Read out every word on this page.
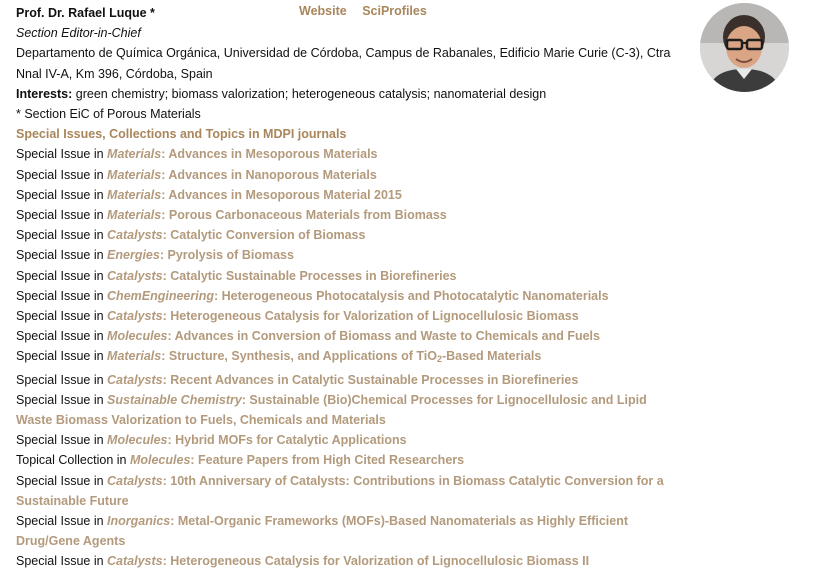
Prof. Dr. Rafael Luque *
Section Editor-in-Chief
Departamento de Química Orgánica, Universidad de Córdoba, Campus de Rabanales, Edificio Marie Curie (C-3), Ctra Nnal IV-A, Km 396, Córdoba, Spain
Interests: green chemistry; biomass valorization; heterogeneous catalysis; nanomaterial design
* Section EiC of Porous Materials
Special Issues, Collections and Topics in MDPI journals
Special Issue in Materials: Advances in Mesoporous Materials
Special Issue in Materials: Advances in Nanoporous Materials
Special Issue in Materials: Advances in Mesoporous Material 2015
Special Issue in Materials: Porous Carbonaceous Materials from Biomass
Special Issue in Catalysts: Catalytic Conversion of Biomass
Special Issue in Energies: Pyrolysis of Biomass
Special Issue in Catalysts: Catalytic Sustainable Processes in Biorefineries
Special Issue in ChemEngineering: Heterogeneous Photocatalysis and Photocatalytic Nanomaterials
Special Issue in Catalysts: Heterogeneous Catalysis for Valorization of Lignocellulosic Biomass
Special Issue in Molecules: Advances in Conversion of Biomass and Waste to Chemicals and Fuels
Special Issue in Materials: Structure, Synthesis, and Applications of TiO$_2$-Based Materials
Special Issue in Catalysts: Recent Advances in Catalytic Sustainable Processes in Biorefineries
Special Issue in Sustainable Chemistry: Sustainable (Bio)Chemical Processes for Lignocellulosic and Lipid Waste Biomass Valorization to Fuels, Chemicals and Materials
Special Issue in Molecules: Hybrid MOFs for Catalytic Applications
Topical Collection in Molecules: Feature Papers from High Cited Researchers
Special Issue in Catalysts: 10th Anniversary of Catalysts: Contributions in Biomass Catalytic Conversion for a Sustainable Future
Special Issue in Inorganics: Metal-Organic Frameworks (MOFs)-Based Nanomaterials as Highly Efficient Drug/Gene Agents
Special Issue in Catalysts: Heterogeneous Catalysis for Valorization of Lignocellulosic Biomass II
Website SciProfiles
